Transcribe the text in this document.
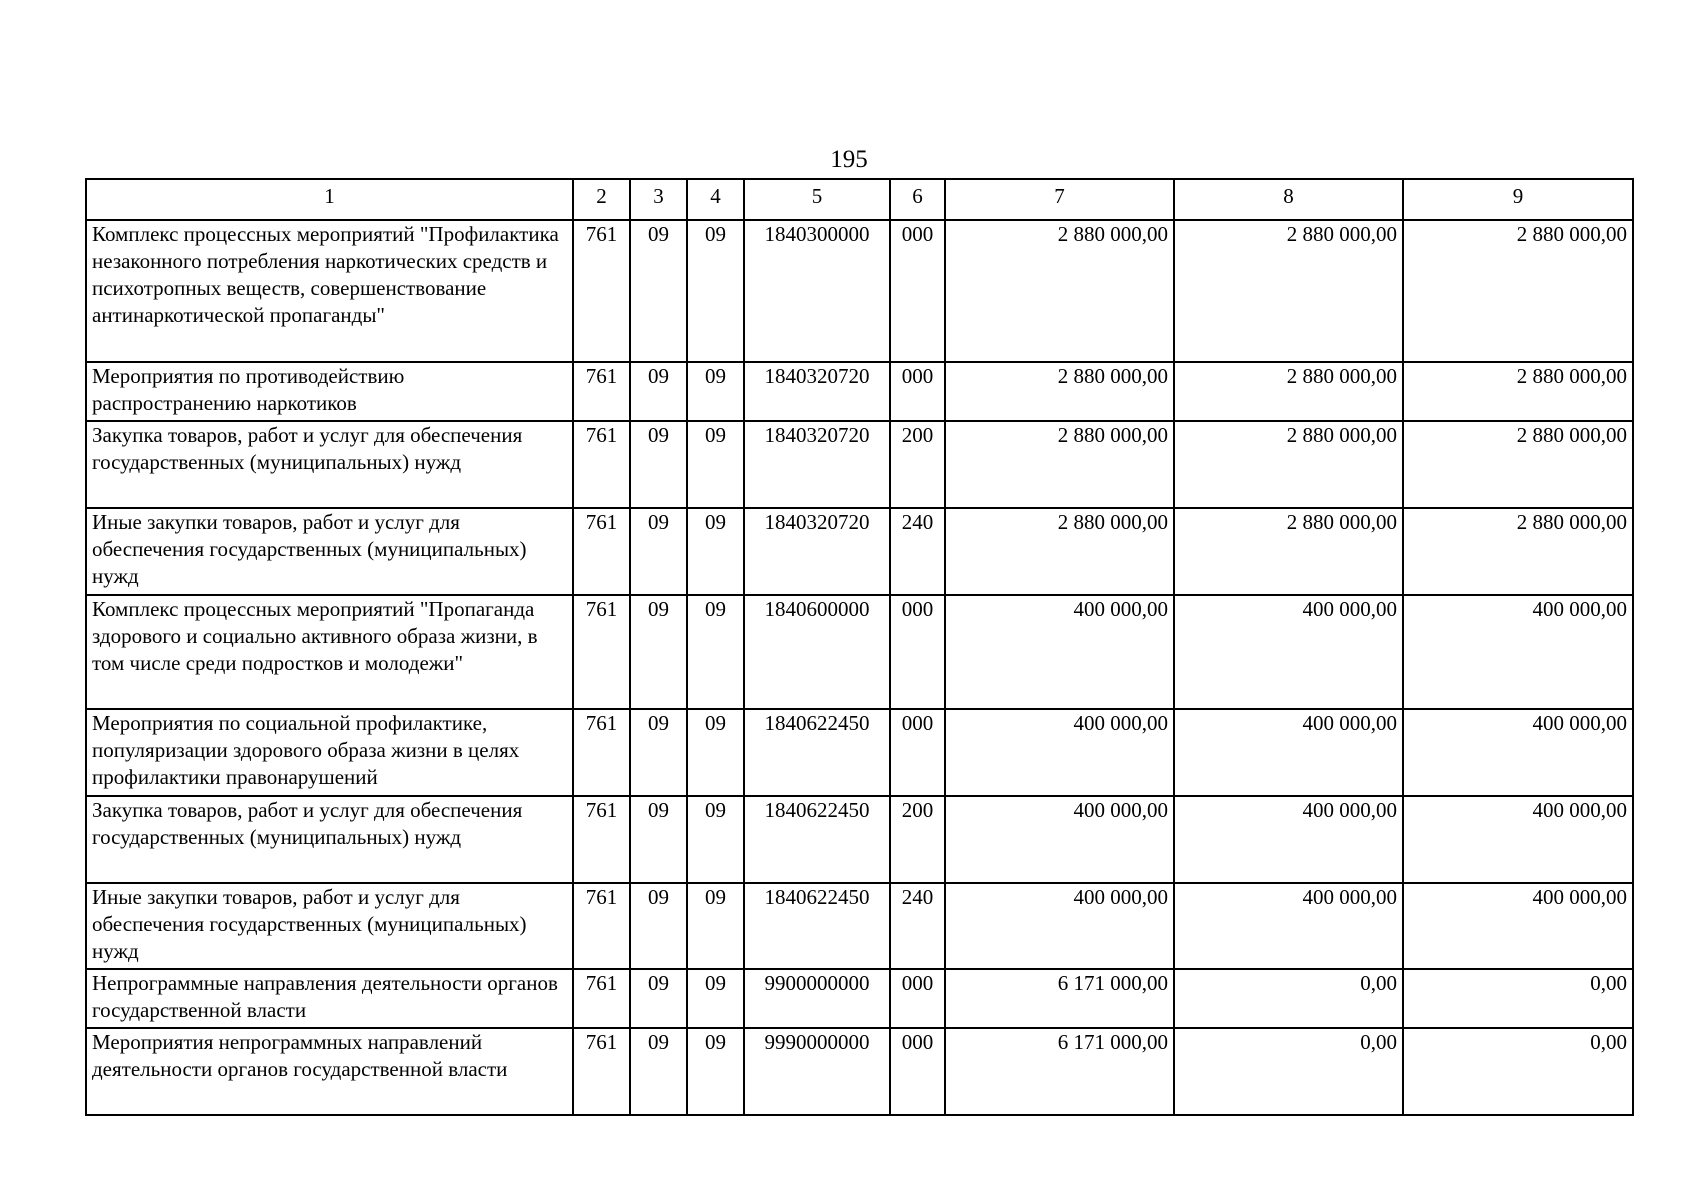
195
1	2	3	4	5	6	7	8	9
Комплекс процессных мероприятий "Профилактика незаконного потребления наркотических средств и психотропных веществ, совершенствование антинаркотической пропаганды"	761	09	09	1840300000	000	2 880 000,00	2 880 000,00	2 880 000,00
Мероприятия по противодействию распространению наркотиков	761	09	09	1840320720	000	2 880 000,00	2 880 000,00	2 880 000,00
Закупка товаров, работ и услуг для обеспечения государственных (муниципальных) нужд	761	09	09	1840320720	200	2 880 000,00	2 880 000,00	2 880 000,00
Иные закупки товаров, работ и услуг для обеспечения государственных (муниципальных) нужд	761	09	09	1840320720	240	2 880 000,00	2 880 000,00	2 880 000,00
Комплекс процессных мероприятий "Пропаганда здорового и социально активного образа жизни, в том числе среди подростков и молодежи"	761	09	09	1840600000	000	400 000,00	400 000,00	400 000,00
Мероприятия по социальной профилактике, популяризации здорового образа жизни в целях профилактики правонарушений	761	09	09	1840622450	000	400 000,00	400 000,00	400 000,00
Закупка товаров, работ и услуг для обеспечения государственных (муниципальных) нужд	761	09	09	1840622450	200	400 000,00	400 000,00	400 000,00
Иные закупки товаров, работ и услуг для обеспечения государственных (муниципальных) нужд	761	09	09	1840622450	240	400 000,00	400 000,00	400 000,00
Непрограммные направления деятельности органов государственной власти	761	09	09	9900000000	000	6 171 000,00	0,00	0,00
Мероприятия непрограммных направлений деятельности органов государственной власти	761	09	09	9990000000	000	6 171 000,00	0,00	0,00
